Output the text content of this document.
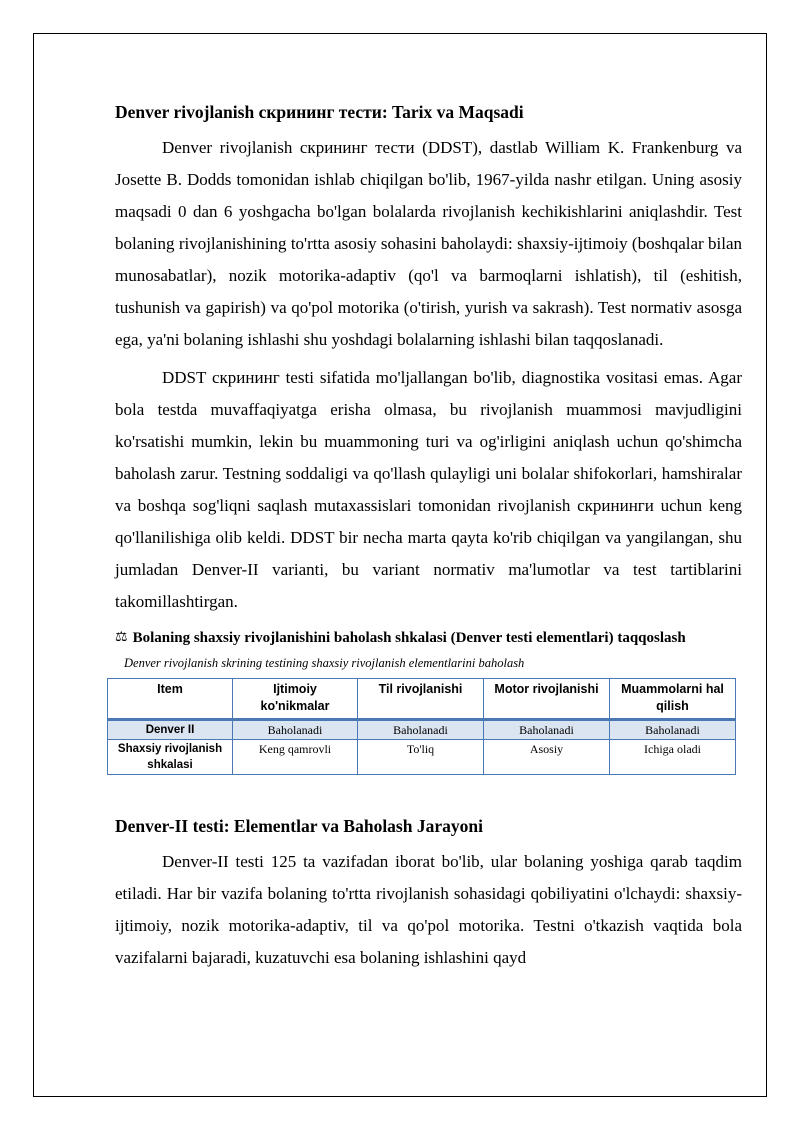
Denver rivojlanish скрининг тести: Tarix va Maqsadi

Denver rivojlanish скрининг тести (DDST), dastlab William K. Frankenburg va Josette B. Dodds tomonidan ishlab chiqilgan bo'lib, 1967-yilda nashr etilgan. Uning asosiy maqsadi 0 dan 6 yoshgacha bo'lgan bolalarda rivojlanish kechikishlarini aniqlashdir. Test bolaning rivojlanishining to'rtta asosiy sohasini baholaydi: shaxsiy-ijtimoiy (boshqalar bilan munosabatlar), nozik motorika-adaptiv (qo'l va barmoqlarni ishlatish), til (eshitish, tushunish va gapirish) va qo'pol motorika (o'tirish, yurish va sakrash). Test normativ asosga ega, ya'ni bolaning ishlashi shu yoshdagi bolalarning ishlashi bilan taqqoslanadi.

DDST скрининг testi sifatida mo'ljallangan bo'lib, diagnostika vositasi emas. Agar bola testda muvaffaqiyatga erisha olmasa, bu rivojlanish muammosi mavjudligini ko'rsatishi mumkin, lekin bu muammoning turi va og'irligini aniqlash uchun qo'shimcha baholash zarur. Testning soddaligi va qo'llash qulayligi uni bolalar shifokorlari, hamshiralar va boshqa sog'liqni saqlash mutaxassislari tomonidan rivojlanish скрининги uchun keng qo'llanilishiga olib keldi. DDST bir necha marta qayta ko'rib chiqilgan va yangilangan, shu jumladan Denver-II varianti, bu variant normativ ma'lumotlar va test tartiblarini takomillashtirgan.

⚖ Bolaning shaxsiy rivojlanishini baholash shkalasi (Denver testi elementlari) taqqoslash
Denver rivojlanish skrining testining shaxsiy rivojlanish elementlarini baholash
Item	Ijtimoiy ko'nikmalar	Til rivojlanishi	Motor rivojlanishi	Muammolarni hal qilish
Denver II	Baholanadi	Baholanadi	Baholanadi	Baholanadi
Shaxsiy rivojlanish shkalasi	Keng qamrovli	To'liq	Asosiy	Ichiga oladi
Denver-II testi: Elementlar va Baholash Jarayoni

Denver-II testi 125 ta vazifadan iborat bo'lib, ular bolaning yoshiga qarab taqdim etiladi. Har bir vazifa bolaning to'rtta rivojlanish sohasidagi qobiliyatini o'lchaydi: shaxsiy-ijtimoiy, nozik motorika-adaptiv, til va qo'pol motorika. Testni o'tkazish vaqtida bola vazifalarni bajaradi, kuzatuvchi esa bolaning ishlashini qayd
